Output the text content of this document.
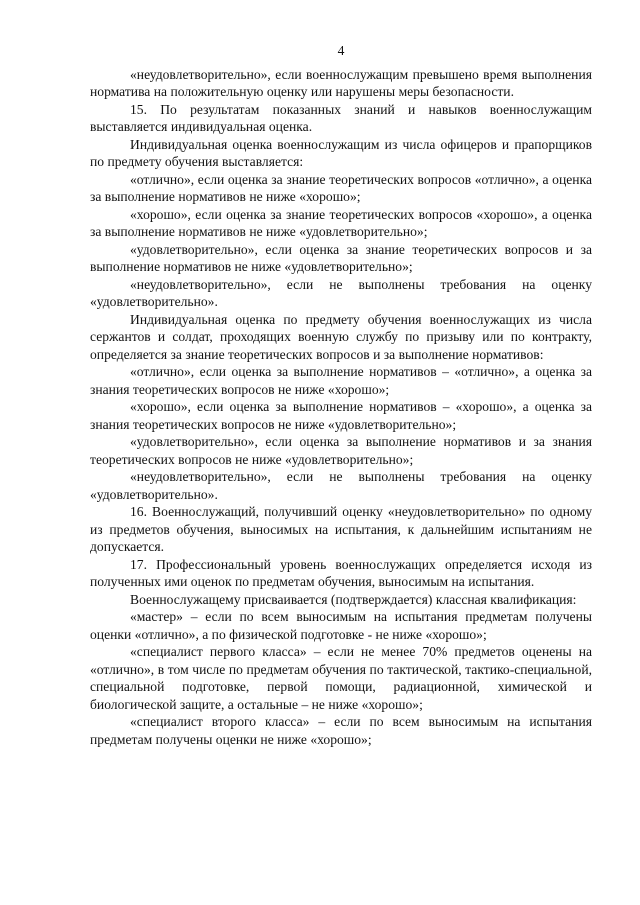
4

«неудовлетворительно», если военнослужащим превышено время выполнения норматива на положительную оценку или нарушены меры безопасности.

15. По результатам показанных знаний и навыков военнослужащим выставляется индивидуальная оценка.

Индивидуальная оценка военнослужащим из числа офицеров и прапорщиков по предмету обучения выставляется:

«отлично», если оценка за знание теоретических вопросов «отлично», а оценка за выполнение нормативов не ниже «хорошо»;

«хорошо», если оценка за знание теоретических вопросов «хорошо», а оценка за выполнение нормативов не ниже «удовлетворительно»;

«удовлетворительно», если оценка за знание теоретических вопросов и за выполнение нормативов не ниже «удовлетворительно»;

«неудовлетворительно», если не выполнены требования на оценку «удовлетворительно».

Индивидуальная оценка по предмету обучения военнослужащих из числа сержантов и солдат, проходящих военную службу по призыву или по контракту, определяется за знание теоретических вопросов и за выполнение нормативов:

«отлично», если оценка за выполнение нормативов – «отлично», а оценка за знания теоретических вопросов не ниже «хорошо»;

«хорошо», если оценка за выполнение нормативов – «хорошо», а оценка за знания теоретических вопросов не ниже «удовлетворительно»;

«удовлетворительно», если оценка за выполнение нормативов и за знания теоретических вопросов не ниже «удовлетворительно»;

«неудовлетворительно», если не выполнены требования на оценку «удовлетворительно».

16. Военнослужащий, получивший оценку «неудовлетворительно» по одному из предметов обучения, выносимых на испытания, к дальнейшим испытаниям не допускается.

17. Профессиональный уровень военнослужащих определяется исходя из полученных ими оценок по предметам обучения, выносимым на испытания.

Военнослужащему присваивается (подтверждается) классная квалификация:

«мастер» – если по всем выносимым на испытания предметам получены оценки «отлично», а по физической подготовке - не ниже «хорошо»;

«специалист первого класса» – если не менее 70% предметов оценены на «отлично», в том числе по предметам обучения по тактической, тактико-специальной, специальной подготовке, первой помощи, радиационной, химической и биологической защите, а остальные – не ниже «хорошо»;

«специалист второго класса» – если по всем выносимым на испытания предметам получены оценки не ниже «хорошо»;
